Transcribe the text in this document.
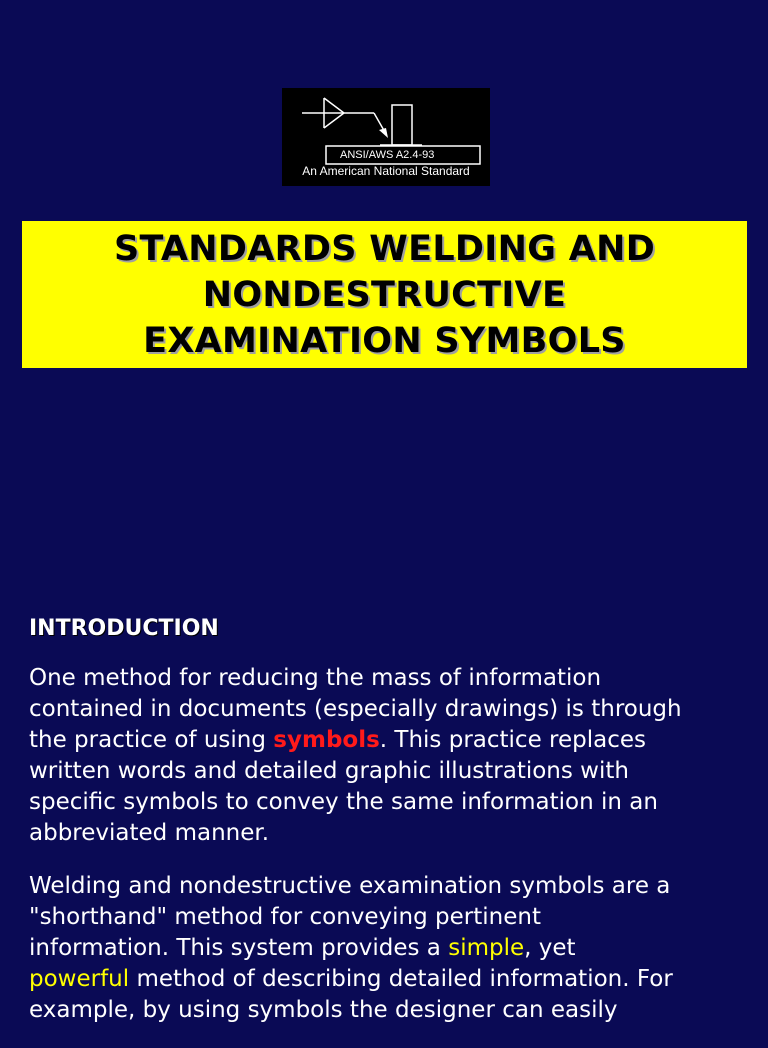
ANSI/AWS A2.4-93
An American National Standard
STANDARDS WELDING AND
NONDESTRUCTIVE
EXAMINATION SYMBOLS
INTRODUCTION
One method for reducing the mass of information
contained in documents (especially drawings) is through
the practice of using symbols. This practice replaces
written words and detailed graphic illustrations with
specific symbols to convey the same information in an
abbreviated manner.
Welding and nondestructive examination symbols are a
"shorthand" method for conveying pertinent
information. This system provides a simple, yet
powerful method of describing detailed information. For
example, by using symbols the designer can easily
